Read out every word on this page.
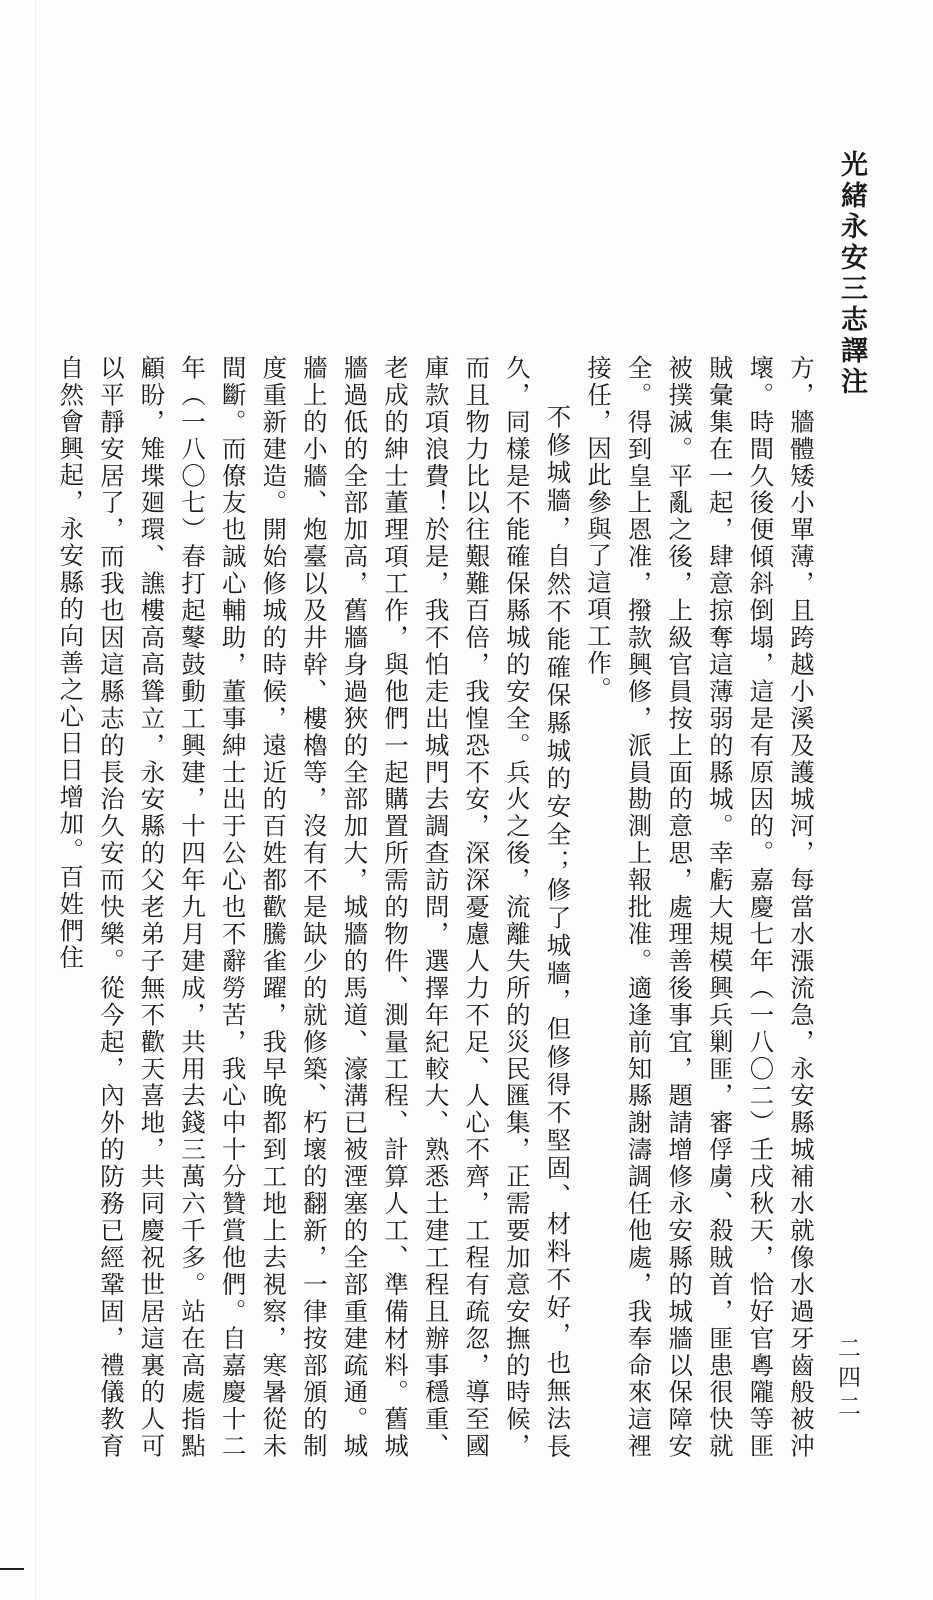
光緒永安三志譯注
二四二

方，牆體矮小單薄，且跨越小溪及護城河，每當水漲流急，永安縣城補水就像水過牙齒般被沖壞。時間久後便傾斜倒塌，這是有原因的。嘉慶七年（一八〇二）壬戌秋天，恰好官粵隴等匪賊彙集在一起，肆意掠奪這薄弱的縣城。幸虧大規模興兵剿匪，審俘虜、殺賊首，匪患很快就被撲滅。平亂之後，上級官員按上面的意思，處理善後事宜，題請增修永安縣的城牆以保障安全。得到皇上恩准，撥款興修，派員勘測上報批准。適逢前知縣謝濤調任他處，我奉命來這裡接任，因此參與了這項工作。

不修城牆，自然不能確保縣城的安全；修了城牆，但修得不堅固、材料不好，也無法長久，同樣是不能確保縣城的安全。兵火之後，流離失所的災民匯集，正需要加意安撫的時候，而且物力比以往艱難百倍，我惶恐不安，深深憂慮人力不足、人心不齊，工程有疏忽，導至國庫款項浪費！於是，我不怕走出城門去調查訪問，選擇年紀較大、熟悉土建工程且辦事穩重、老成的紳士董理項工作，與他們一起購置所需的物件、測量工程、計算人工、準備材料。舊城牆過低的全部加高，舊牆身過狹的全部加大，城牆的馬道、濠溝已被湮塞的全部重建疏通。城牆上的小牆、炮臺以及井幹、樓櫓等，沒有不是缺少的就修築、朽壞的翻新，一律按部頒的制度重新建造。開始修城的時候，遠近的百姓都歡騰雀躍，我早晚都到工地上去視察，寒暑從未間斷。而僚友也誠心輔助，董事紳士出于公心也不辭勞苦，我心中十分贊賞他們。自嘉慶十二年（一八〇七）春打起鼕鼓動工興建，十四年九月建成，共用去錢三萬六千多。站在高處指點顧盼，雉堞廻環、譙樓高高聳立，永安縣的父老弟子無不歡天喜地，共同慶祝世居這裏的人可以平靜安居了，而我也因這縣志的長治久安而快樂。從今起，內外的防務已經鞏固，禮儀教育自然會興起，永安縣的向善之心日日增加。百姓們住
